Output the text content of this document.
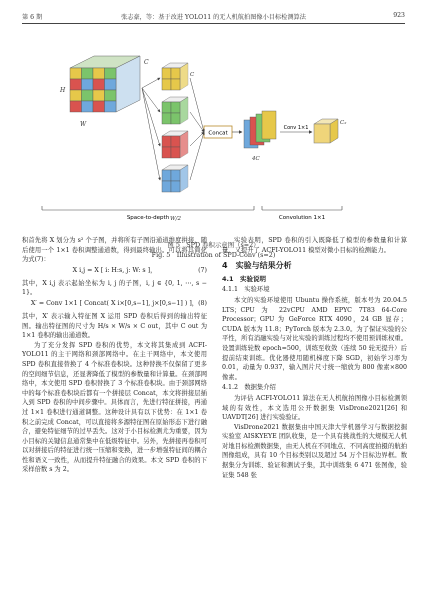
第 6 期	张志豪，等：基于改进 YOLO11 的无人机航拍图像小目标检测算法	923
W
H
C
Concat
4C
Conv 1×1
C₂
C
W/2
Space-to-depth	Convolution 1×1
图 5　SPD 卷积示意图（s=2）
Fig. 5　Illustration of SPD-Conv (s=2)

积首先将 X 划分为 s² 个子图，并将所有子图沿通道维度拼接，随后使用一个 1×1 卷积调整通道数，得到最终输出。可以将其简化为式(7)：

X i,j = X [ i: H:s, j: W: s ]，	(7)

其中，X i,j 表示起始坐标为 i, j 的子图，i, j ∈ {0, 1, ⋯, s − 1}。

X′ = Conv 1×1 [ Concat( X i×[0,s−1], j×[0,s−1] ) ]， (8)

其中，X′ 表示输入特征图 X 运用 SPD 卷积后得到的输出特征图。输出特征图的尺寸为 H/s × W/s × C out，其中 C out 为 1×1 卷积的输出通道数。

为了充分发挥 SPD 卷积的优势，本文将其集成到 ACFI-YOLO11 的主干网络和颈部网络中。在主干网络中，本文使用 SPD 卷积直接替换了 4 个标准卷积块。这种替换不仅保留了更多的空间细节信息，还显著降低了模型的参数量和计算量。在颈部网络中，本文使用 SPD 卷积替换了 3 个标准卷积块。由于颈部网络中的每个标准卷积块后都有一个拼接层 Concat，本文将拼接层插入到 SPD 卷积的中间步骤中。具体而言，先进行特征拼接，再通过 1×1 卷积进行通道调整。这种设计具有以下优势：在 1×1 卷积之前完成 Concat，可以直接将多源特征图在原始形态下进行融合，避免特征细节的过早丢失。这对于小目标检测尤为重要，因为小目标的关键信息通常集中在低级特征中。另外，先拼接再卷积可以对拼接后的特征进行统一压缩和变换，进一步增强特征间的耦合性和语义一致性，从而提升特征融合的效果。本文 SPD 卷积的下采样倍数 s 为 2。

实验表明，SPD 卷积的引入既降低了模型的参数量和计算量，又提升了 ACFI-YOLO11 模型对微小目标的检测能力。

4　实验与结果分析
4.1　实验说明
4.1.1　实验环境

本文的实验环境使用 Ubuntu 操作系统，版本号为 20.04.5 LTS；CPU 为 22vCPU AMD EPYC 7T83 64-Core Processor；GPU 为 GeForce RTX 4090，24 GB 显存；CUDA 版本为 11.8；PyTorch 版本为 2.3.0。为了保证实验的公平性，所有消融实验与对比实验的训练过程均不使用预训练权重。设置训练轮数 epoch=500，训练至收敛（连续 50 轮无提升）后提前结束训练。优化器使用随机梯度下降 SGD，初始学习率为 0.01，动量为 0.937，输入图片尺寸统一缩放为 800 像素×800 像素。

4.1.2　数据集介绍

为评估 ACFI-YOLO11 算法在无人机航拍图像小目标检测领域的有效性，本文选用公开数据集 VisDrone2021[26] 和 UAVDT[26] 进行实验验证。

VisDrone2021 数据集由中国天津大学机器学习与数据挖掘实验室 AISKYEYE 团队收集，是一个具有挑战性的大规模无人机对地目标检测数据集，由无人机在不同地点、不同高度拍摄的航拍图像组成，具有 10 个目标类别以及超过 54 万个目标边界框。数据集分为训练、验证和测试子集，其中训练集 6 471 张图像，验证集 548 张
